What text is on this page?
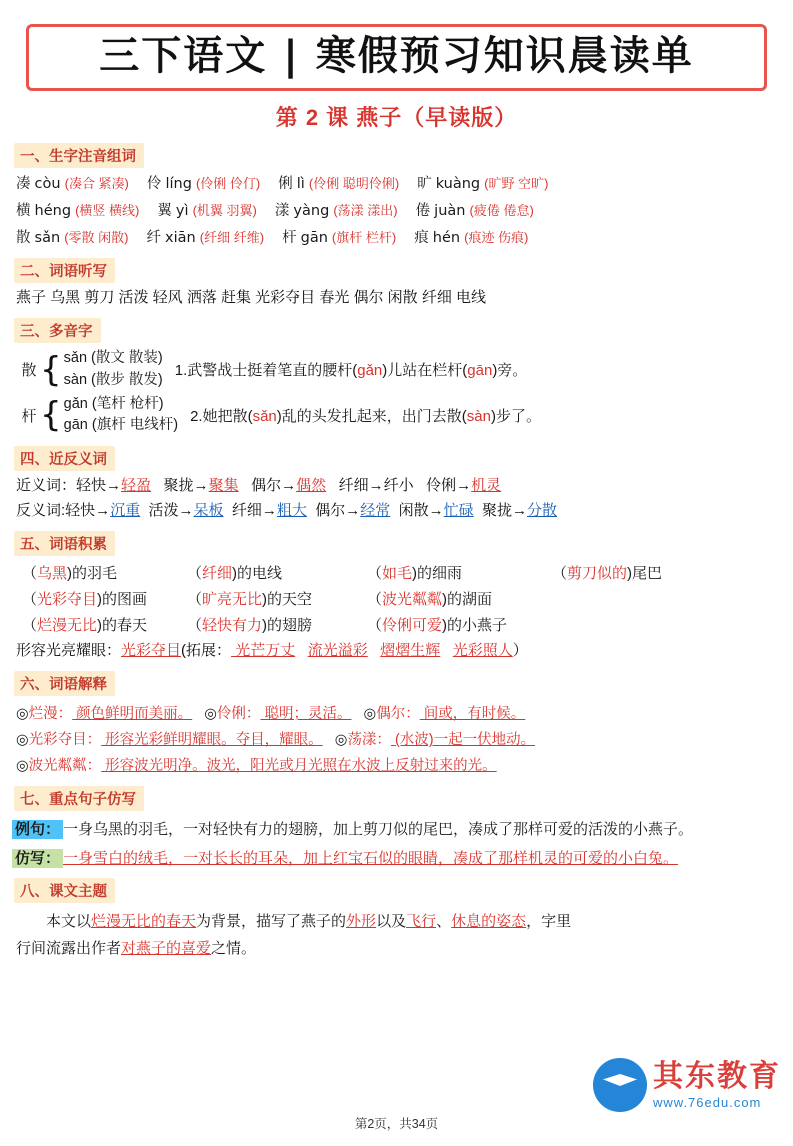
三下语文 | 寒假预习知识晨读单
第 2 课 燕子（早读版）
一、生字注音组词
凑 còu (凑合 紧凑) 伶 líng (伶俐 伶仃) 俐 lì (伶俐 聪明伶俐) 旷 kuàng (旷野 空旷)
横 héng (横竖 横线) 翼 yì (机翼 羽翼) 漾 yàng (荡漾 漾出) 倦 juàn (疲倦 倦怠)
散 sǎn (零散 闲散) 纤 xiān (纤细 纤维) 杆 gān (旗杆 栏杆) 痕 hén (痕迹 伤痕)
二、词语听写
燕子 乌黑 剪刀 活泼 轻风 洒落 赶集 光彩夺目 春光 偶尔 闲散 纤细 电线
三、多音字
散 { sǎn (散文 散装)
sàn (散步 散发)
1.武警战士挺着笔直的腰杆(gǎn)儿站在栏杆(gān)旁。
杆 { gǎn (笔杆 枪杆)
gān (旗杆 电线杆)
2.她把散(sǎn)乱的头发扎起来，出门去散(sàn)步了。
四、近反义词
近义词：轻快→轻盈   聚拢→聚集   偶尔→偶然   纤细→纤小   伶俐→机灵
反义词:轻快→沉重  活泼→呆板  纤细→粗大  偶尔→经常  闲散→忙碌  聚拢→分散
五、词语积累
（乌黑)的羽毛	（纤细)的电线	（如毛)的细雨	（剪刀似的)尾巴
（光彩夺目)的图画	（旷亮无比)的天空	（波光粼粼)的湖面
（烂漫无比)的春天	（轻快有力)的翅膀	（伶俐可爱)的小燕子
形容光亮耀眼：光彩夺目(拓展： 光芒万丈 流光溢彩 熠熠生辉 光彩照人）
六、词语解释
◎烂漫： 颜色鲜明而美丽。   ◎伶俐： 聪明；灵活。   ◎偶尔： 间或，有时候。
◎光彩夺目： 形容光彩鲜明耀眼。夺目，耀眼。   ◎荡漾： (水波)一起一伏地动。
◎波光粼粼： 形容波光明净。波光，阳光或月光照在水波上反射过来的光。
七、重点句子仿写
例句： 一身乌黑的羽毛，一对轻快有力的翅膀，加上剪刀似的尾巴，凑成了那样可爱的活泼的小燕子。
仿写： 一身雪白的绒毛，一对长长的耳朵，加上红宝石似的眼睛，凑成了那样机灵的可爱的小白兔。
八、课文主题

本文以烂漫无比的春天为背景，描写了燕子的外形以及飞行、休息的姿态，字里

行间流露出作者对燕子的喜爱之情。

其东教育
www.76edu.com
第2页，共34页
